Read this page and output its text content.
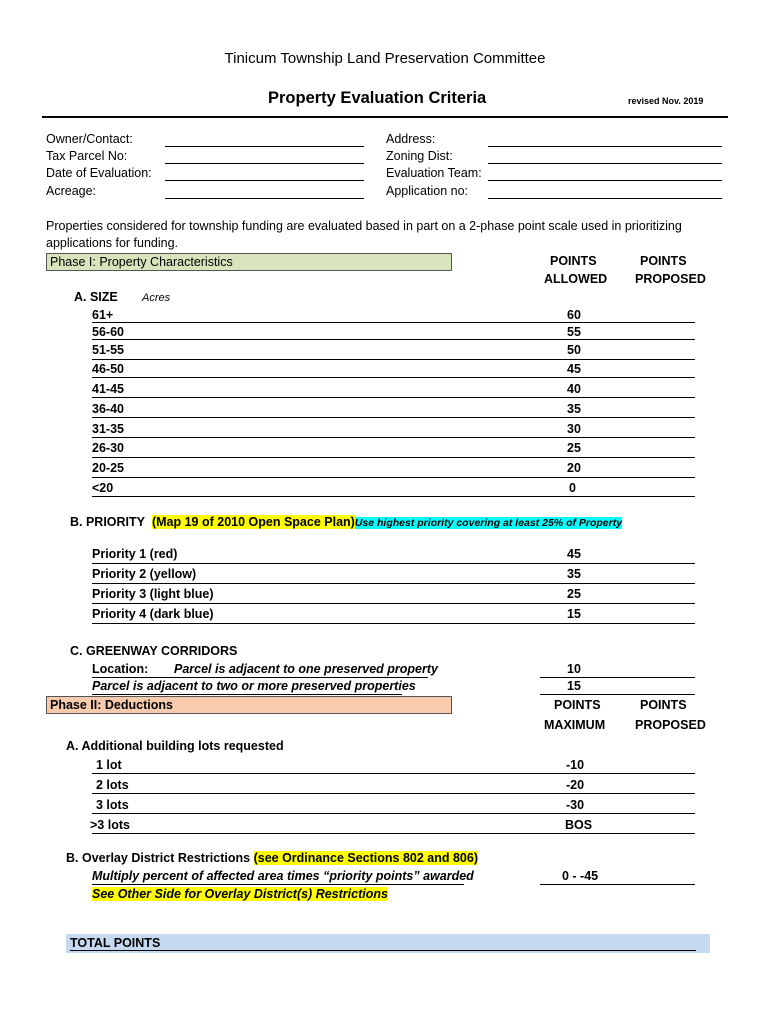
Tinicum Township Land Preservation Committee
Property Evaluation Criteria	revised Nov. 2019
Owner/Contact:
Tax Parcel No:
Date of Evaluation:
Acreage:
Address:
Zoning Dist:
Evaluation Team:
Application no:
Properties considered for township funding are evaluated based in part on a 2-phase point scale used in prioritizing
applications for funding.
Phase I: Property Characteristics	POINTS
ALLOWED
POINTS
PROPOSED
A. SIZE Acres
61+	60
56-60	55
51-55	50
46-50	45
41-45	40
36-40	35
31-35	30
26-30	25
20-25	20
<20	0
B. PRIORITY (Map 19 of 2010 Open Space Plan)Use highest priority covering at least 25% of Property
Priority 1 (red)	45
Priority 2 (yellow)	35
Priority 3 (light blue)	25
Priority 4 (dark blue)	15
C. GREENWAY CORRIDORS
Location: Parcel is adjacent to one preserved property	10
Parcel is adjacent to two or more preserved properties	15
Phase II: Deductions	POINTS
MAXIMUM
POINTS
PROPOSED
A. Additional building lots requested
1 lot	-10
2 lots	-20
3 lots	-30
>3 lots	BOS
B. Overlay District Restrictions (see Ordinance Sections 802 and 806)
Multiply percent of affected area times “priority points” awarded	0 - -45
See Other Side for Overlay District(s) Restrictions
TOTAL POINTS
